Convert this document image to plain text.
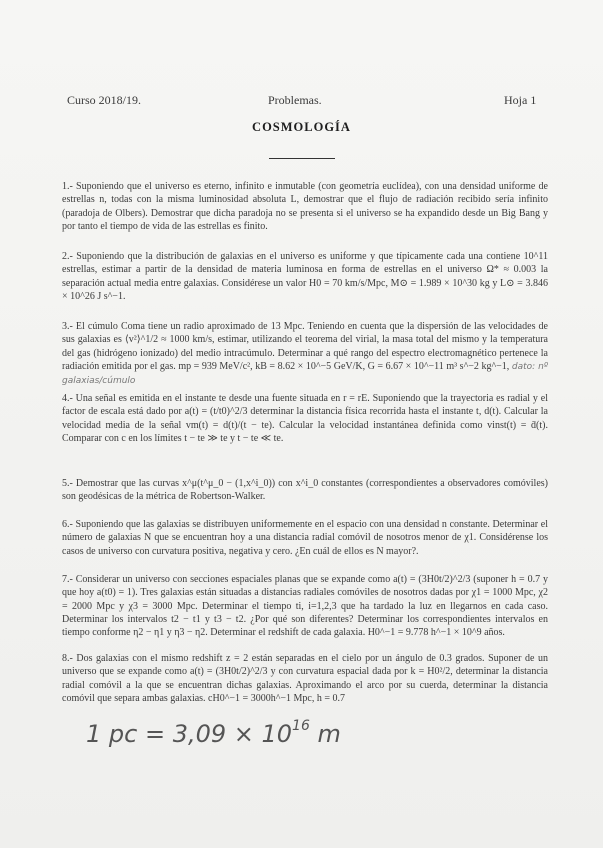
Curso 2018/19.	Problemas.	Hoja 1
COSMOLOGÍA
1.- Suponiendo que el universo es eterno, infinito e inmutable (con geometría euclídea), con una densidad uniforme de estrellas n, todas con la misma luminosidad absoluta L, demostrar que el flujo de radiación recibido sería infinito (paradoja de Olbers). Demostrar que dicha paradoja no se presenta si el universo se ha expandido desde un Big Bang y por tanto el tiempo de vida de las estrellas es finito.
2.- Suponiendo que la distribución de galaxias en el universo es uniforme y que típicamente cada una contiene 10^11 estrellas, estimar a partir de la densidad de materia luminosa en forma de estrellas en el universo Ω* ≈ 0.003 la separación actual media entre galaxias. Considérese un valor H0 = 70 km/s/Mpc, M⊙ = 1.989 × 10^30 kg y L⊙ = 3.846 × 10^26 J s^−1.
3.- El cúmulo Coma tiene un radio aproximado de 13 Mpc. Teniendo en cuenta que la dispersión de las velocidades de sus galaxias es ⟨v²⟩^1/2 ≈ 1000 km/s, estimar, utilizando el teorema del virial, la masa total del mismo y la temperatura del gas (hidrógeno ionizado) del medio intracúmulo. Determinar a qué rango del espectro electromagnético pertenece la radiación emitida por el gas. mp = 939 MeV/c², kB = 8.62 × 10^−5 GeV/K, G = 6.67 × 10^−11 m³ s^−2 kg^−1, dato: nº galaxias/cúmulo
4.- Una señal es emitida en el instante te desde una fuente situada en r = rE. Suponiendo que la trayectoria es radial y el factor de escala está dado por a(t) = (t/t0)^2/3 determinar la distancia física recorrida hasta el instante t, d(t). Calcular la velocidad media de la señal vm(t) = d(t)/(t − te). Calcular la velocidad instantánea definida como vinst(t) = ḋ(t). Comparar con c en los límites t − te ≫ te y t − te ≪ te.
5.- Demostrar que las curvas x^μ(t^μ_0 − (1,x^i_0)) con x^i_0 constantes (correspondientes a observadores comóviles) son geodésicas de la métrica de Robertson-Walker.
6.- Suponiendo que las galaxias se distribuyen uniformemente en el espacio con una densidad n constante. Determinar el número de galaxias N que se encuentran hoy a una distancia radial comóvil de nosotros menor de χ1. Considérense los casos de universo con curvatura positiva, negativa y cero. ¿En cuál de ellos es N mayor?.
7.- Considerar un universo con secciones espaciales planas que se expande como a(t) = (3H0t/2)^2/3 (suponer h = 0.7 y que hoy a(t0) = 1). Tres galaxias están situadas a distancias radiales comóviles de nosotros dadas por χ1 = 1000 Mpc, χ2 = 2000 Mpc y χ3 = 3000 Mpc. Determinar el tiempo ti, i=1,2,3 que ha tardado la luz en llegarnos en cada caso. Determinar los intervalos t2 − t1 y t3 − t2. ¿Por qué son diferentes? Determinar los correspondientes intervalos en tiempo conforme η2 − η1 y η3 − η2. Determinar el redshift de cada galaxia. H0^−1 = 9.778 h^−1 × 10^9 años.
8.- Dos galaxias con el mismo redshift z = 2 están separadas en el cielo por un ángulo de 0.3 grados. Suponer de un universo que se expande como a(t) = (3H0t/2)^2/3 y con curvatura espacial dada por k = H0²/2, determinar la distancia radial comóvil a la que se encuentran dichas galaxias. Aproximando el arco por su cuerda, determinar la distancia comóvil que separa ambas galaxias. cH0^−1 = 3000h^−1 Mpc, h = 0.7
1 pc = $3,09 \times 10^{16}$ m
